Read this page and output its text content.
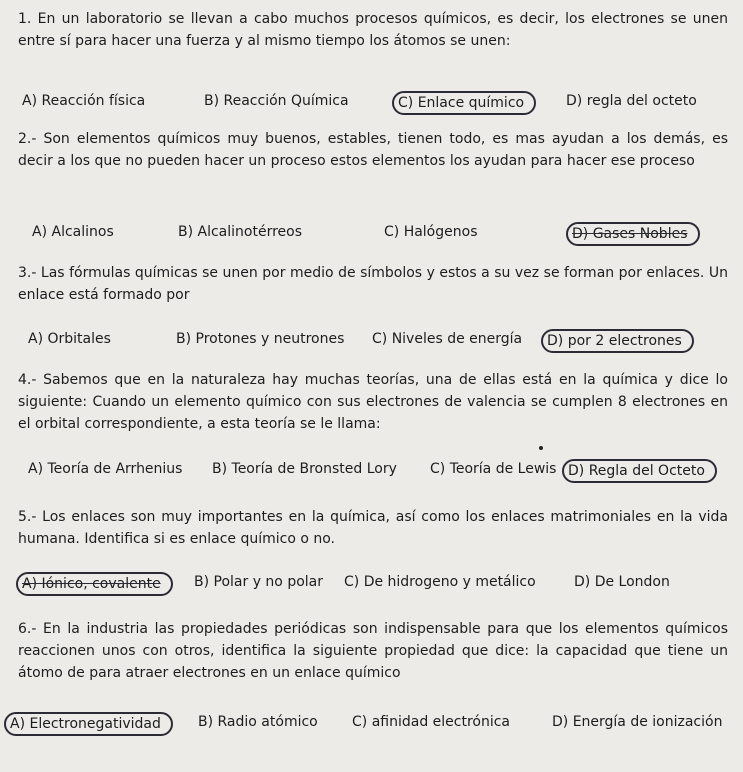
1. En un laboratorio se llevan a cabo muchos procesos químicos, es decir, los electrones se unen entre sí para hacer una fuerza y al mismo tiempo los átomos se unen:
A) Reacción física	B) Reacción Química	C) Enlace químico	D) regla del octeto
2.- Son elementos químicos muy buenos, estables, tienen todo, es mas ayudan a los demás, es decir a los que no pueden hacer un proceso estos elementos los ayudan para hacer ese proceso
A) Alcalinos	B) Alcalinotérreos	C) Halógenos	D) Gases Nobles
3.- Las fórmulas químicas se unen por medio de símbolos y estos a su vez se forman por enlaces. Un enlace está formado por
A) Orbitales	B) Protones y neutrones C) Niveles de energía	D) por 2 electrones
4.- Sabemos que en la naturaleza hay muchas teorías, una de ellas está en la química y dice lo siguiente: Cuando un elemento químico con sus electrones de valencia se cumplen 8 electrones en el orbital correspondiente, a esta teoría se le llama:
A) Teoría de Arrhenius B) Teoría de Bronsted Lory C) Teoría de Lewis D) Regla del Octeto
5.- Los enlaces son muy importantes en la química, así como los enlaces matrimoniales en la vida humana. Identifica si es enlace químico o no.
A) Iónico, covalente	B) Polar y no polar C) De hidrogeno y metálico	D) De London
6.- En la industria las propiedades periódicas son indispensable para que los elementos químicos reaccionen unos con otros, identifica la siguiente propiedad que dice: la capacidad que tiene un átomo de para atraer electrones en un enlace químico
A) Electronegatividad	B) Radio atómico C) afinidad electrónica	D) Energía de ionización
